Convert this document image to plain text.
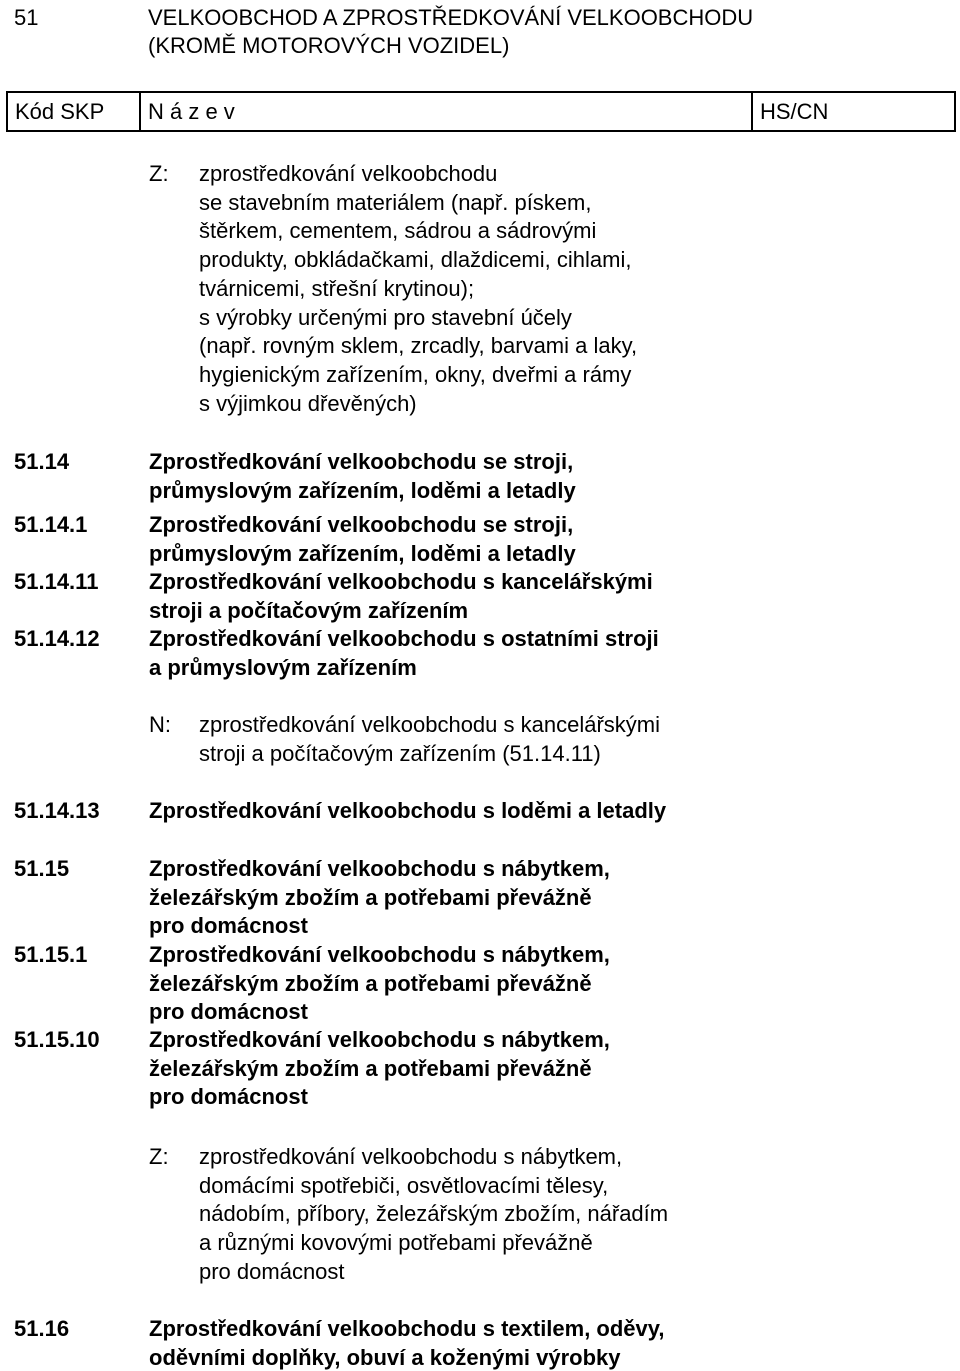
51	VELKOOBCHOD A ZPROSTŘEDKOVÁNÍ VELKOOBCHODU
(KROMĚ MOTOROVÝCH VOZIDEL)
Kód SKP	N á z e v	HS/CN
Z:	zprostředkování velkoobchodu
se stavebním materiálem (např. pískem,
štěrkem, cementem, sádrou a sádrovými
produkty, obkládačkami, dlaždicemi, cihlami,
tvárnicemi, střešní krytinou);
s výrobky určenými pro stavební účely
(např. rovným sklem, zrcadly, barvami a laky,
hygienickým zařízením, okny, dveřmi a rámy
s výjimkou dřevěných)
51.14	Zprostředkování velkoobchodu se stroji,
průmyslovým zařízením, loděmi a letadly
51.14.1	Zprostředkování velkoobchodu se stroji,
průmyslovým zařízením, loděmi a letadly
51.14.11	Zprostředkování velkoobchodu s kancelářskými
stroji a počítačovým zařízením
51.14.12	Zprostředkování velkoobchodu s ostatními stroji
a průmyslovým zařízením
N:	zprostředkování velkoobchodu s kancelářskými
stroji a počítačovým zařízením (51.14.11)
51.14.13	Zprostředkování velkoobchodu s loděmi a letadly
51.15	Zprostředkování velkoobchodu s nábytkem,
železářským zbožím a potřebami převážně
pro domácnost
51.15.1	Zprostředkování velkoobchodu s nábytkem,
železářským zbožím a potřebami převážně
pro domácnost
51.15.10	Zprostředkování velkoobchodu s nábytkem,
železářským zbožím a potřebami převážně
pro domácnost
Z:	zprostředkování velkoobchodu s nábytkem,
domácími spotřebiči, osvětlovacími tělesy,
nádobím, příbory, železářským zbožím, nářadím
a různými kovovými potřebami převážně
pro domácnost
51.16	Zprostředkování velkoobchodu s textilem, oděvy,
oděvními doplňky, obuví a koženými výrobky
